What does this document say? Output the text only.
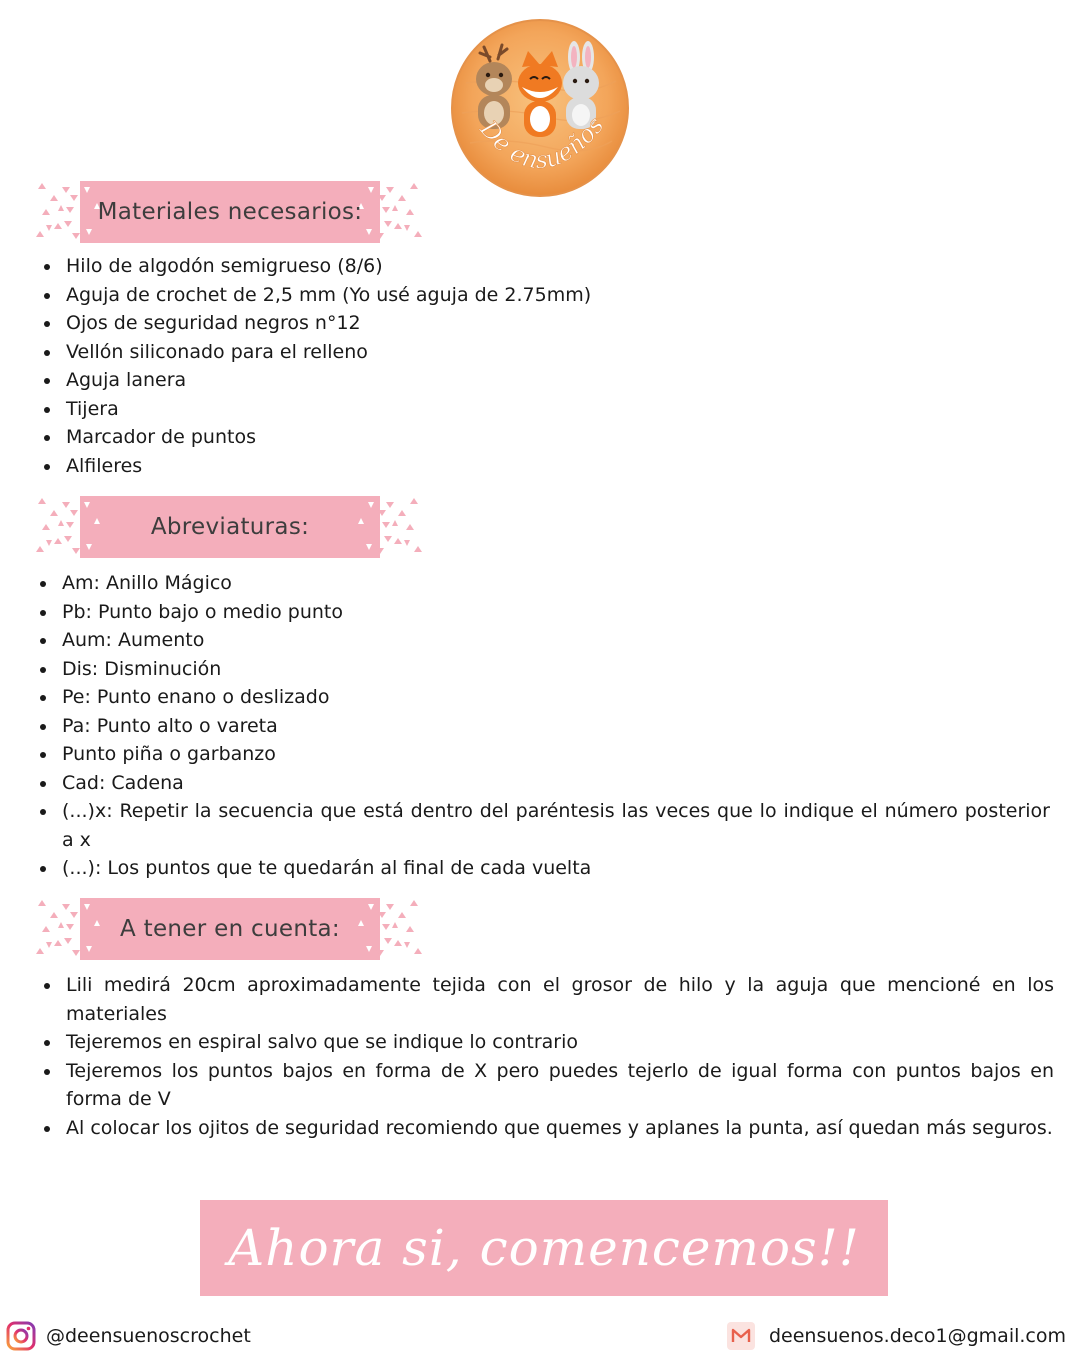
De ensueños
Materiales necesarios:
Hilo de algodón semigrueso (8/6)
Aguja de crochet de 2,5 mm (Yo usé aguja de 2.75mm)
Ojos de seguridad negros n°12
Vellón siliconado para el relleno
Aguja lanera
Tijera
Marcador de puntos
Alfileres
Abreviaturas:
Am: Anillo Mágico
Pb: Punto bajo o medio punto
Aum: Aumento
Dis: Disminución
Pe: Punto enano o deslizado
Pa: Punto alto o vareta
Punto piña o garbanzo
Cad: Cadena
(...)x: Repetir la secuencia que está dentro del paréntesis las veces que lo indique el número posterior a x
(...): Los puntos que te quedarán al final de cada vuelta
A tener en cuenta:
Lili medirá 20cm aproximadamente tejida con el grosor de hilo y la aguja que mencioné en los materiales
Tejeremos en espiral salvo que se indique lo contrario
Tejeremos los puntos bajos en forma de X pero puedes tejerlo de igual forma con puntos bajos en forma de V
Al colocar los ojitos de seguridad recomiendo que quemes y aplanes la punta, así quedan más seguros.
Ahora si, comencemos!!
@deensuenoscrochet	deensuenos.deco1@gmail.com
